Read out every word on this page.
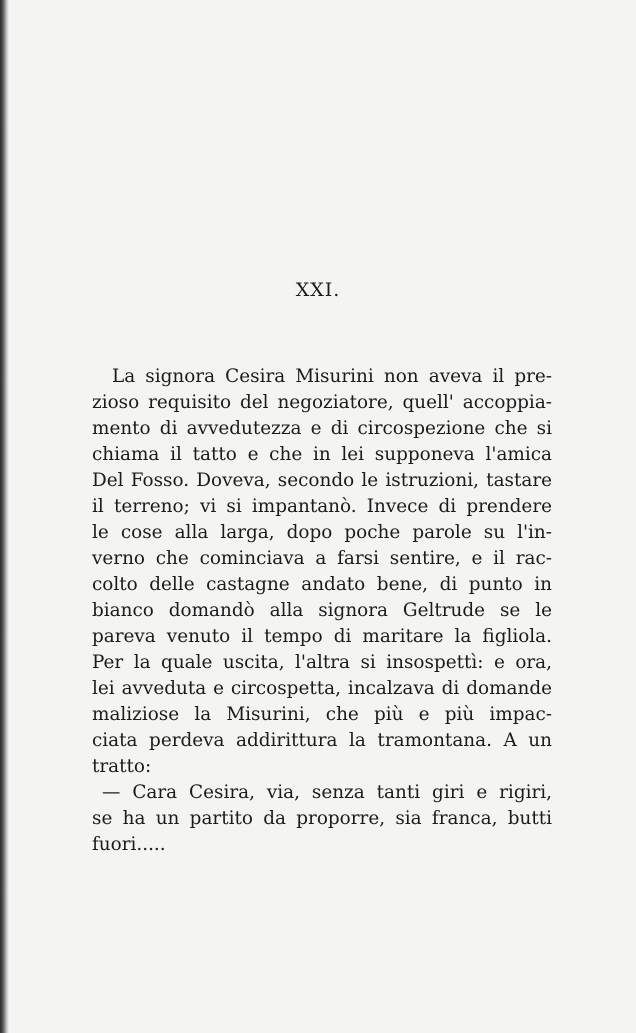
XXI.
La signora Cesira Misurini non aveva il pre-
zioso requisito del negoziatore, quell' accoppia-
mento di avvedutezza e di circospezione che si
chiama il tatto e che in lei supponeva l'amica
Del Fosso. Doveva, secondo le istruzioni, tastare
il terreno; vi si impantanò. Invece di prendere
le cose alla larga, dopo poche parole su l'in-
verno che cominciava a farsi sentire, e il rac-
colto delle castagne andato bene, di punto in
bianco domandò alla signora Geltrude se le
pareva venuto il tempo di maritare la figliola.
Per la quale uscita, l'altra si insospettì: e ora,
lei avveduta e circospetta, incalzava di domande
maliziose la Misurini, che più e più impac-
ciata perdeva addirittura la tramontana. A un
tratto:
— Cara Cesira, via, senza tanti giri e rigiri,
se ha un partito da proporre, sia franca, butti
fuori.....
